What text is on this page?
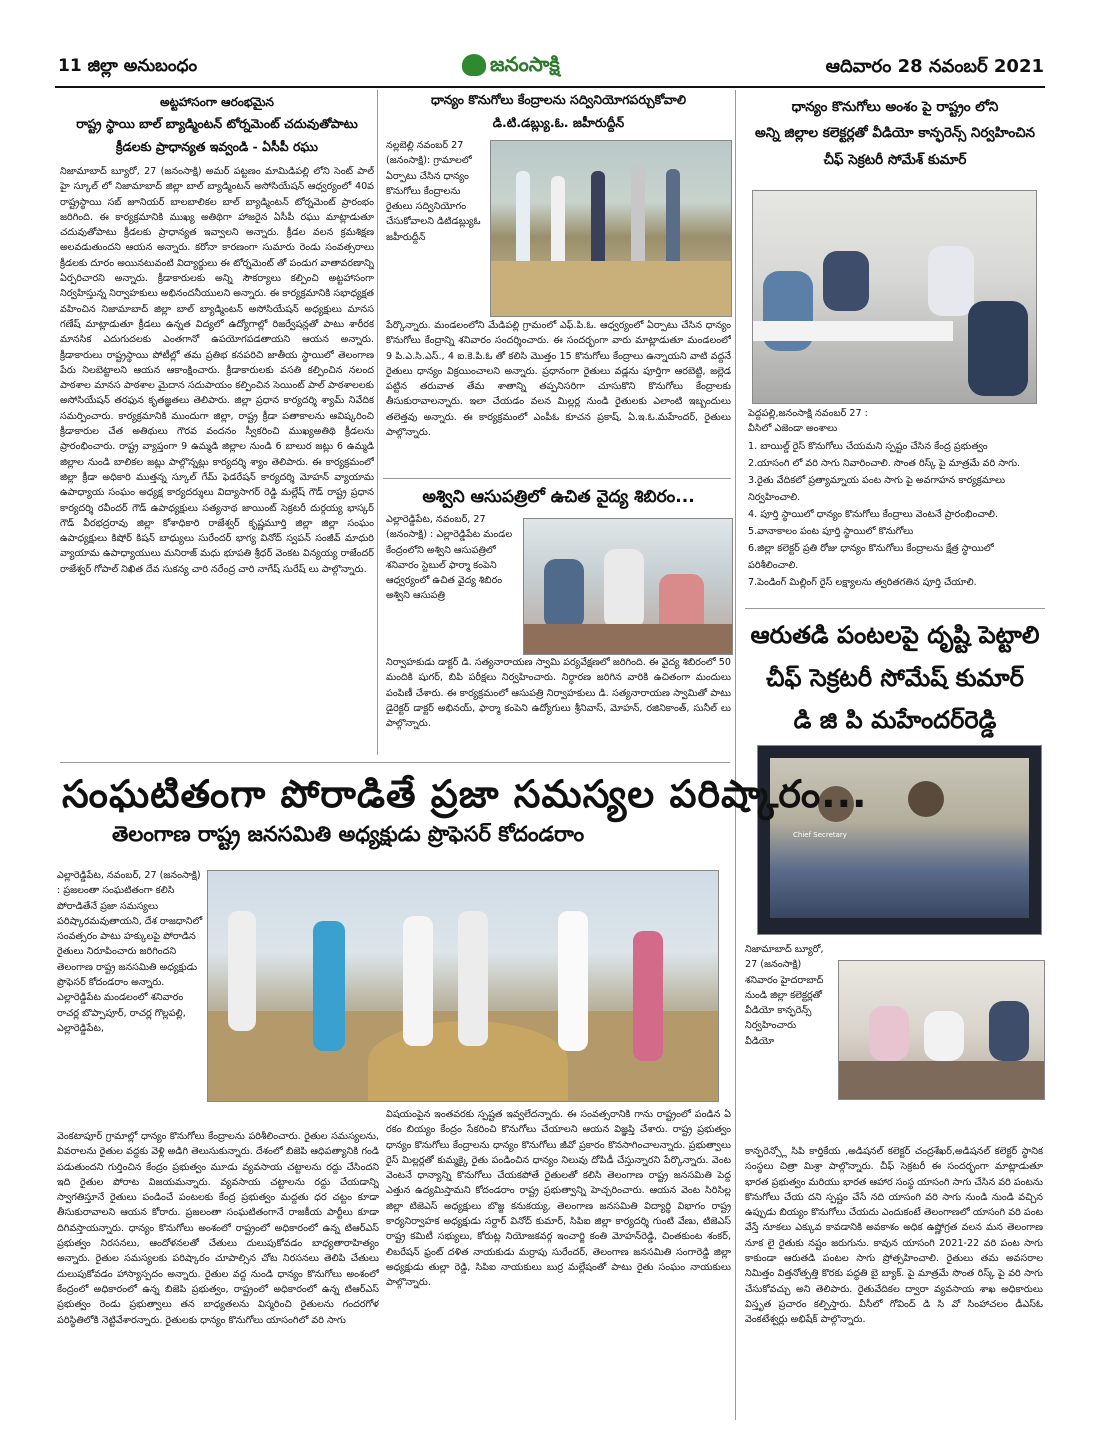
11 జిల్లా అనుబంధం	జనంసాక్షి	ఆదివారం 28 నవంబర్ 2021
అట్టహాసంగా ఆరంభమైన
రాష్ట్ర స్థాయి బాల్ బ్యాడ్మింటన్ టోర్నమెంట్ చదువుతోపాటు
క్రీడలకు ప్రాధాన్యత ఇవ్వండి - ఏసీపీ రఘు
నిజామాబాద్ బ్యూరో, 27 (జనంసాక్షి) అమర్ పట్టణం మామిడిపల్లి లోని సెంట్ పాల్ హై స్కూల్ లో నిజామాబాద్ జిల్లా బాల్ బ్యాడ్మింటన్ అసోసియేషన్ ఆధ్వర్యంలో 40వ రాష్ట్రస్థాయి సబ్ జూనియర్ బాలబాలికల బాల్ బ్యాడ్మింటన్ టోర్నమెంట్ ప్రారంభం జరిగింది. ఈ కార్యక్రమానికి ముఖ్య అతిథిగా హాజరైన ఏసీపీ రఘు మాట్లాడుతూ చదువుతోపాటు క్రీడలకు ప్రాధాన్యత ఇవ్వాలని అన్నారు. క్రీడల వలన క్రమశిక్షణ అలవడుతుందని ఆయన అన్నారు. కరోనా కారణంగా సుమారు రెండు సంవత్సరాలు క్రీడలకు దూరం అయినటువంటి విద్యార్థులు ఈ టోర్నమెంట్ తో పండుగ వాతావరణాన్ని ఏర్పరిచారని అన్నారు. క్రీడాకారులకు అన్ని సౌకర్యాలు కల్పించి అట్టహాసంగా నిర్వహిస్తున్న నిర్వాహకులు అభినందనీయులని అన్నారు. ఈ కార్యక్రమానికి సభాధ్యక్షత వహించిన నిజామాబాద్ జిల్లా బాల్ బ్యాడ్మింటన్ అసోసియేషన్ అధ్యక్షులు మానస గణేష్ మాట్లాడుతూ క్రీడలు ఉన్నత విద్యలో ఉద్యోగాల్లో రిజర్వేషన్లతో పాటు శారీరక మానసిక ఎదుగుదలకు ఎంతగానో ఉపయోగపడతాయని ఆయన అన్నారు. క్రీడాకారులు రాష్ట్రస్థాయి పోటీల్లో తమ ప్రతిభ కనపరిచి జాతీయ స్థాయిలో తెలంగాణ పేరు నిలబెట్టాలని ఆయన ఆకాంక్షించారు. క్రీడాకారులకు వసతి కల్పించిన నలంద పాఠశాల మానస పాఠశాల మైదాన సదుపాయం కల్పించిన సెయింట్ పాల్ పాఠశాలలకు అసోసియేషన్ తరఫున కృతజ్ఞతలు తెలిపారు. జిల్లా ప్రధాన కార్యదర్శి శ్యామ్ నివేదిక సమర్పించారు. కార్యక్రమానికి ముందుగా జిల్లా, రాష్ట్ర క్రీడా పతాకాలను ఆవిష్కరించి క్రీడాకారుల చేత అతిథులు గౌరవ వందనం స్వీకరించి ముఖ్యఅతిథి క్రీడలను ప్రారంభించారు. రాష్ట్ర వ్యాప్తంగా 9 ఉమ్మడి జిల్లాల నుండి 6 బాలుర జట్లు 6 ఉమ్మడి జిల్లాల నుండి బాలికల జట్లు పాల్గొన్నట్లు కార్యదర్శి శ్యాం తెలిపారు. ఈ కార్యక్రమంలో జిల్లా క్రీడా అధికారి ముత్తన్న స్కూల్ గేమ్ ఫెడరేషన్ కార్యదర్శి మోహన్ వ్యాయామ ఉపాధ్యాయ సంఘం అధ్యక్ష కార్యదర్శులు విద్యాసాగర్ రెడ్డి మల్లేష్ గౌడ్ రాష్ట్ర ప్రధాన కార్యదర్శి రవీందర్ గౌడ్ ఉపాధ్యక్షులు సత్యనాథ జాయింట్ సెక్రటరీ దుర్గయ్య భాస్కర్ గౌడ్ వీరభద్రరావు జిల్లా కోశాధికారి రాజేశ్వర్ కృష్ణమూర్తి జిల్లా జిల్లా సంఘం ఉపాధ్యక్షులు కిషోర్ కిషన్ బాధ్యులు సురేందర్ భాగ్య వినోద్ స్వపన్ సంజీవ్ మాధురి వ్యాయామ ఉపాధ్యాయులు మనిరాజ్ మధు భూపతి శ్రీధర్ వెంకట విన్యయ్య రాజేందర్ రాజేశ్వర్ గోపాల్ నిఖిత దేవ సుకన్య చారి నరేంద్ర చారి నాగేష్ సురేష్ లు పాల్గొన్నారు.
ధాన్యం కొనుగోలు కేంద్రాలను సద్వినియోగపర్చుకోవాలి
డి.టి.డబ్ల్యు.ఓ. జహీరుద్దీన్
నల్లబెల్లి నవంబర్ 27 (జనంసాక్షి): గ్రామాలలో ఏర్పాటు చేసిన ధాన్యం కొనుగోలు కేంద్రాలను రైతులు సద్వినియోగం చేసుకోవాలని డిటిడబ్ల్యుఓ జహీరుద్దీన్
పేర్కొన్నారు. మండలంలోని మేడిపల్లి గ్రామంలో ఎఫ్.పి.ఓ. ఆధ్వర్యంలో ఏర్పాటు చేసిన ధాన్యం కొనుగోలు కేంద్రాన్ని శనివారం సందర్శించారు. ఈ సందర్భంగా వారు మాట్లాడుతూ మండలంలో 9 పి.ఎ.సి.ఎస్., 4 ఐ.కె.పి.ఓ తో కలిసి మొత్తం 15 కొనుగోలు కేంద్రాలు ఉన్నాయని వాటి వద్దనే రైతులు ధాన్యం విక్రయించాలని అన్నారు. ప్రధానంగా రైతులు వడ్లను పూర్తిగా ఆరబెట్టి, జల్లెడ పట్టిన తరువాత తేమ శాతాన్ని తప్పనిసరిగా చూసుకొని కొనుగోలు కేంద్రాలకు తీసుకురావాలన్నారు. ఇలా చేయడం వలన మిల్లర్ల నుండి రైతులకు ఎలాంటి ఇబ్బందులు తలెత్తవు అన్నారు. ఈ కార్యక్రమంలో ఎంపీఓ కూచన ప్రకాష్, ఏ.ఇ.ఓ.మహేందర్, రైతులు పాల్గొన్నారు.
అశ్విని ఆసుపత్రిలో ఉచిత వైద్య శిబిరం...
ఎల్లారెడ్డిపేట, నవంబర్, 27 (జనంసాక్షి) : ఎల్లారెడ్డిపేట మండల కేంద్రంలోని అశ్విని ఆసుపత్రిలో శనివారం స్టెబుల్ ఫార్మా కంపెని ఆధ్వర్యంలో ఉచిత వైద్య శిబిరం అశ్విని ఆసుపత్రి
నిర్వాహకుడు డాక్టర్ డి. సత్యనారాయణ స్వామి పర్యవేక్షణలో జరిగింది. ఈ వైద్య శిబిరంలో 50 మందికి షుగర్, బిపి పరీక్షలు నిర్వహించారు. నిర్ధారణ జరిగిన వారికి ఉచితంగా మందులు పంపిణీ చేశారు. ఈ కార్యక్రమంలో ఆసుపత్రి నిర్వాహకులు డి. సత్యనారాయణ స్వామితో పాటు డైరెక్టర్ డాక్టర్ అభినయ్, ఫార్మా కంపెని ఉద్యోగులు శ్రీనివాస్, మోహన్, రజినికాంత్, సునీల్ లు పాల్గొన్నారు.
ధాన్యం కొనుగోలు అంశం పై రాష్ట్రం లోని
అన్ని జిల్లాల కలెక్టర్లతో వీడియో కాన్ఫరెన్స్ నిర్వహించిన
చీఫ్ సెక్రటరీ సోమేశ్ కుమార్
పెద్దపల్లి,జనంసాక్షి నవంబర్ 27 :
వీసిలో ఎజెండా అంశాలు

1. బాయిల్డ్ రైస్ కొనుగోలు చేయమని స్పష్టం చేసిన కేంద్ర ప్రభుత్వం

2.యాసంగి లో వరి సాగు నివారించాలి. సొంత రిస్క్ పై మాత్రమే వరి సాగు.

3.రైతు వేదికలో ప్రత్యామ్నాయ పంట సాగు పై అవగాహన కార్యక్రమాలు నిర్వహించాలి.

4. పూర్తి స్థాయిలో ధాన్యం కొనుగోలు కేంద్రాలు వెంటనే ప్రారంభించాలి.

5.వానాకాలం పంట పూర్తి స్థాయిలో కొనుగోలు

6.జిల్లా కలెక్టర్ ప్రతి రోజు ధాన్యం కొనుగోలు కేంద్రాలను క్షేత్ర స్థాయిలో పరిశీలించాలి.

7.పెండింగ్ మిల్లింగ్ రైస్ లక్ష్యాలను త్వరితగతిన పూర్తి చేయాలి.

ఆరుతడి పంటలపై దృష్టి పెట్టాలి
చీఫ్ సెక్రటరీ సోమేష్ కుమార్
డి జి పి మహేందర్‌రెడ్డి
Chief Secretary
నిజామాబాద్ బ్యూరో, 27 (జనంసాక్షి) శనివారం హైదరాబాద్ నుండి జిల్లా కలెక్టర్లతో వీడియో కాన్ఫరెన్స్ నిర్వహించారు వీడియో
కాన్ఫరెన్స్లో సిపి కార్తికేయ ,అడిషనల్ కలెక్టర్ చంద్రశేఖర్,అడిషనల్ కలెక్టర్ స్థానిక సంస్థలు చిత్రా మిశ్రా పాల్గొన్నారు. చీఫ్ సెక్రటరీ ఈ సందర్భంగా మాట్లాడుతూ భారత ప్రభుత్వం మరియు భారత ఆహార సంస్థ యాసంగి సాగు చేసిన వరి పంటను కొనుగోలు చేయ దని స్పష్టం చేసే నది యాసంగి వరి సాగు నుండి నుండి వచ్చిన ఉప్పుడు బియ్యం కొనుగోలు చేయదు ఎందుకంటే తెలంగాణలో యాసంగి వరి పంట వేస్తే నూకలు ఎక్కువ కావడానికి అవకాశం అధిక ఉష్ణోగ్రత వలన మన తెలంగాణ నూక లై రైతుకు నష్టం జరుగును. కావున యాసంగి 2021-22 వరి పంట సాగు కాకుండా ఆరుతడి పంటల సాగు ప్రోత్సహించాలి. రైతులు తమ అవసరాల నిమిత్తం విత్తనోత్పత్తి కొరకు పద్ధతి బై బ్యాక్. పై మాత్రమే సొంత రిస్క్ పై వరి సాగు చేసుకోవచ్చు అని తెలిపారు. రైతువేదికల ద్వారా వ్యవసాయ శాఖ అధికారులు విస్తృత ప్రచారం కల్పిస్తారు. వీసీలో గోవింద్ డి సి వో సింహాచలం డీఎస్ఓ వెంకటేశ్వర్లు అభిషేక్ పాల్గొన్నారు.
సంఘటితంగా పోరాడితే ప్రజా సమస్యల పరిష్కారం...
తెలంగాణ రాష్ట్ర జనసమితి అధ్యక్షుడు ప్రొఫెసర్ కోదండరాం
ఎల్లారెడ్డిపేట, నవంబర్, 27 (జనంసాక్షి) : ప్రజలంతా సంఘటితంగా కలిసి పోరాడితేనే ప్రజా సమస్యలు పరిష్కారమవుతాయని, దేశ రాజధానిలో సంవత్సరం పాటు హక్కులపై పోరాడిన రైతులు నిరూపించారు జరిగిందని తెలంగాణ రాష్ట్ర జనసమితి అధ్యక్షుడు ప్రొఫెసర్ కోదండరాం అన్నారు. ఎల్లారెడ్డిపేట మండలంలో శనివారం రాచర్ల బొప్పాపూర్, రాచర్ల గొల్లపల్లి, ఎల్లారెడ్డిపేట,
వెంకటాపూర్ గ్రామాల్లో ధాన్యం కొనుగోలు కేంద్రాలను పరిశీలించారు. రైతుల సమస్యలను, వివరాలను రైతుల వద్దకు వెళ్లి అడిగి తెలుసుకున్నారు. దేశంలో బిజెపి ఆధిపత్యానికి గండి పడుతుందని గుర్తించిన కేంద్రం ప్రభుత్వం మూడు వ్యవసాయ చట్టాలను రద్దు చేసిందని ఇది రైతుల పోరాట విజయమన్నారు. వ్యవసాయ చట్టాలను రద్దు చేయడాన్ని స్వాగతిస్తూనే రైతులు పండించే పంటలకు కేంద్ర ప్రభుత్వం మద్దతు ధర చట్టం కూడా తీసుకురావాలని ఆయన కోరారు. ప్రజలంతా సంఘటితంగానే రాజకీయ పార్టీలు కూడా దిగివస్తాయన్నారు. ధాన్యం కొనుగోలు అంశంలో రాష్ట్రంలో అధికారంలో ఉన్న టిఆర్ఎస్ ప్రభుత్వం నిరసనలు, ఆందోళనలతో చేతులు దులుపుకోవడం బాధ్యతారాహిత్యం అన్నారు. రైతుల సమస్యలకు పరిష్కారం చూపాల్సిన చోట నిరసనలు తెలిపి చేతులు దులుపుకోవడం హాస్యాస్పదం అన్నారు. రైతుల వద్ద నుండి ధాన్యం కొనుగోలు అంశంలో కేంద్రంలో అధికారంలో ఉన్న బిజెపి ప్రభుత్వం, రాష్ట్రంలో అధికారంలో ఉన్న టిఆర్ఎస్ ప్రభుత్వం రెండు ప్రభుత్వాలు తన బాధ్యతలను విస్మరించి రైతులను గందరగోళ పరిస్థితిలోకి నెట్టివేశారన్నారు. రైతులకు ధాన్యం కొనుగోలు యాసంగిలో వరి సాగు
విషయంపైన ఇంతవరకు స్పష్టత ఇవ్వలేదన్నారు. ఈ సంవత్సరానికి గాను రాష్ట్రంలో పండిన ఏ రకం బియ్యం కేంద్రం సేకరించి కొనుగోలు చేయాలని ఆయన విజ్ఞప్తి చేశారు. రాష్ట్ర ప్రభుత్వం ధాన్యం కొనుగోలు కేంద్రాలను ధాన్యం కొనుగోలు జీవో ప్రకారం కొనసాగించాలన్నారు. ప్రభుత్వాలు రైస్ మిల్లర్లతో కుమ్మక్కై రైతు పండించిన ధాన్యం నిలువు దోపిడీ చేస్తున్నారని పేర్కొన్నారు. వెంట వెంటనే ధాన్యాన్ని కొనుగోలు చేయకపోతే రైతులతో కలిసి తెలంగాణ రాష్ట్ర జనసమితి పెద్ద ఎత్తున ఉద్యమిస్తామని కోదండరాం రాష్ట్ర ప్రభుత్వాన్ని హెచ్చరించారు. ఆయన వెంట సిరిసిల్ల జిల్లా టిజెఎస్ అధ్యక్షులు బొజ్జ కనుకయ్య, తెలంగాణ జనసమితి విద్యార్థి విభాగం రాష్ట్ర కార్యనిర్వాహక అధ్యక్షుడు సర్దార్ వినోద్ కుమార్, సిపిఐ జిల్లా కార్యదర్శి గుంటి వేణు, టిజెఎస్ రాష్ట్ర కమిటీ సభ్యులు, కోరుట్ల నియోజకవర్గ ఇంచార్జి కంతి మోహన్‌రెడ్డి, చింతకుంట శంకర్, లిబరేషన్ ఫ్రంట్ దళిత నాయకుడు మర్రాపు సురేందర్, తెలంగాణ జనసమితి సంగారెడ్డి జిల్లా అధ్యక్షుడు తుల్లా రెడ్డి, సిపిఐ నాయకులు బుర్ర మల్లేషంతో పాటు రైతు సంఘం నాయకులు పాల్గొన్నారు.
